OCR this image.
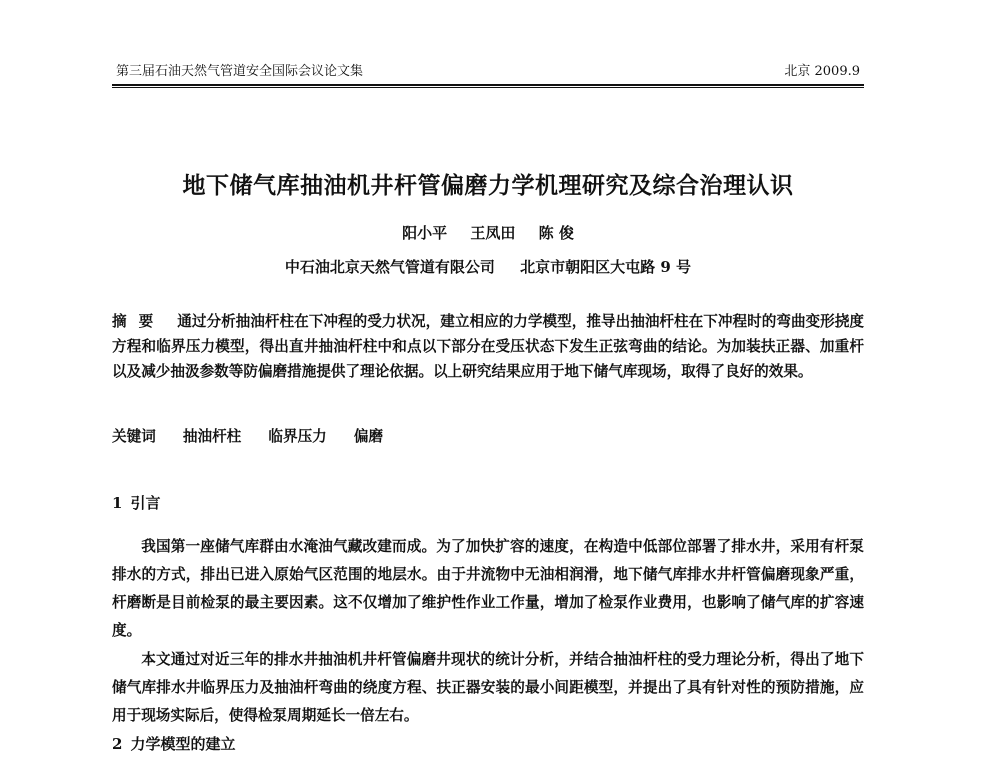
第三届石油天然气管道安全国际会议论文集	北京 2009.9
地下储气库抽油机井杆管偏磨力学机理研究及综合治理认识
阳小平 王凤田 陈 俊
中石油北京天然气管道有限公司 北京市朝阳区大屯路 9 号
摘要 通过分析抽油杆柱在下冲程的受力状况，建立相应的力学模型，推导出抽油杆柱在下冲程时的弯曲变形挠度方程和临界压力模型，得出直井抽油杆柱中和点以下部分在受压状态下发生正弦弯曲的结论。为加装扶正器、加重杆以及减少抽汲参数等防偏磨措施提供了理论依据。以上研究结果应用于地下储气库现场，取得了良好的效果。
关键词 抽油杆柱 临界压力 偏磨
1 引言

我国第一座储气库群由水淹油气藏改建而成。为了加快扩容的速度，在构造中低部位部署了排水井，采用有杆泵排水的方式，排出已进入原始气区范围的地层水。由于井流物中无油相润滑，地下储气库排水井杆管偏磨现象严重，杆磨断是目前检泵的最主要因素。这不仅增加了维护性作业工作量，增加了检泵作业费用，也影响了储气库的扩容速度。

本文通过对近三年的排水井抽油机井杆管偏磨井现状的统计分析，并结合抽油杆柱的受力理论分析，得出了地下储气库排水井临界压力及抽油杆弯曲的绕度方程、扶正器安装的最小间距模型，并提出了具有针对性的预防措施，应用于现场实际后，使得检泵周期延长一倍左右。

2 力学模型的建立
